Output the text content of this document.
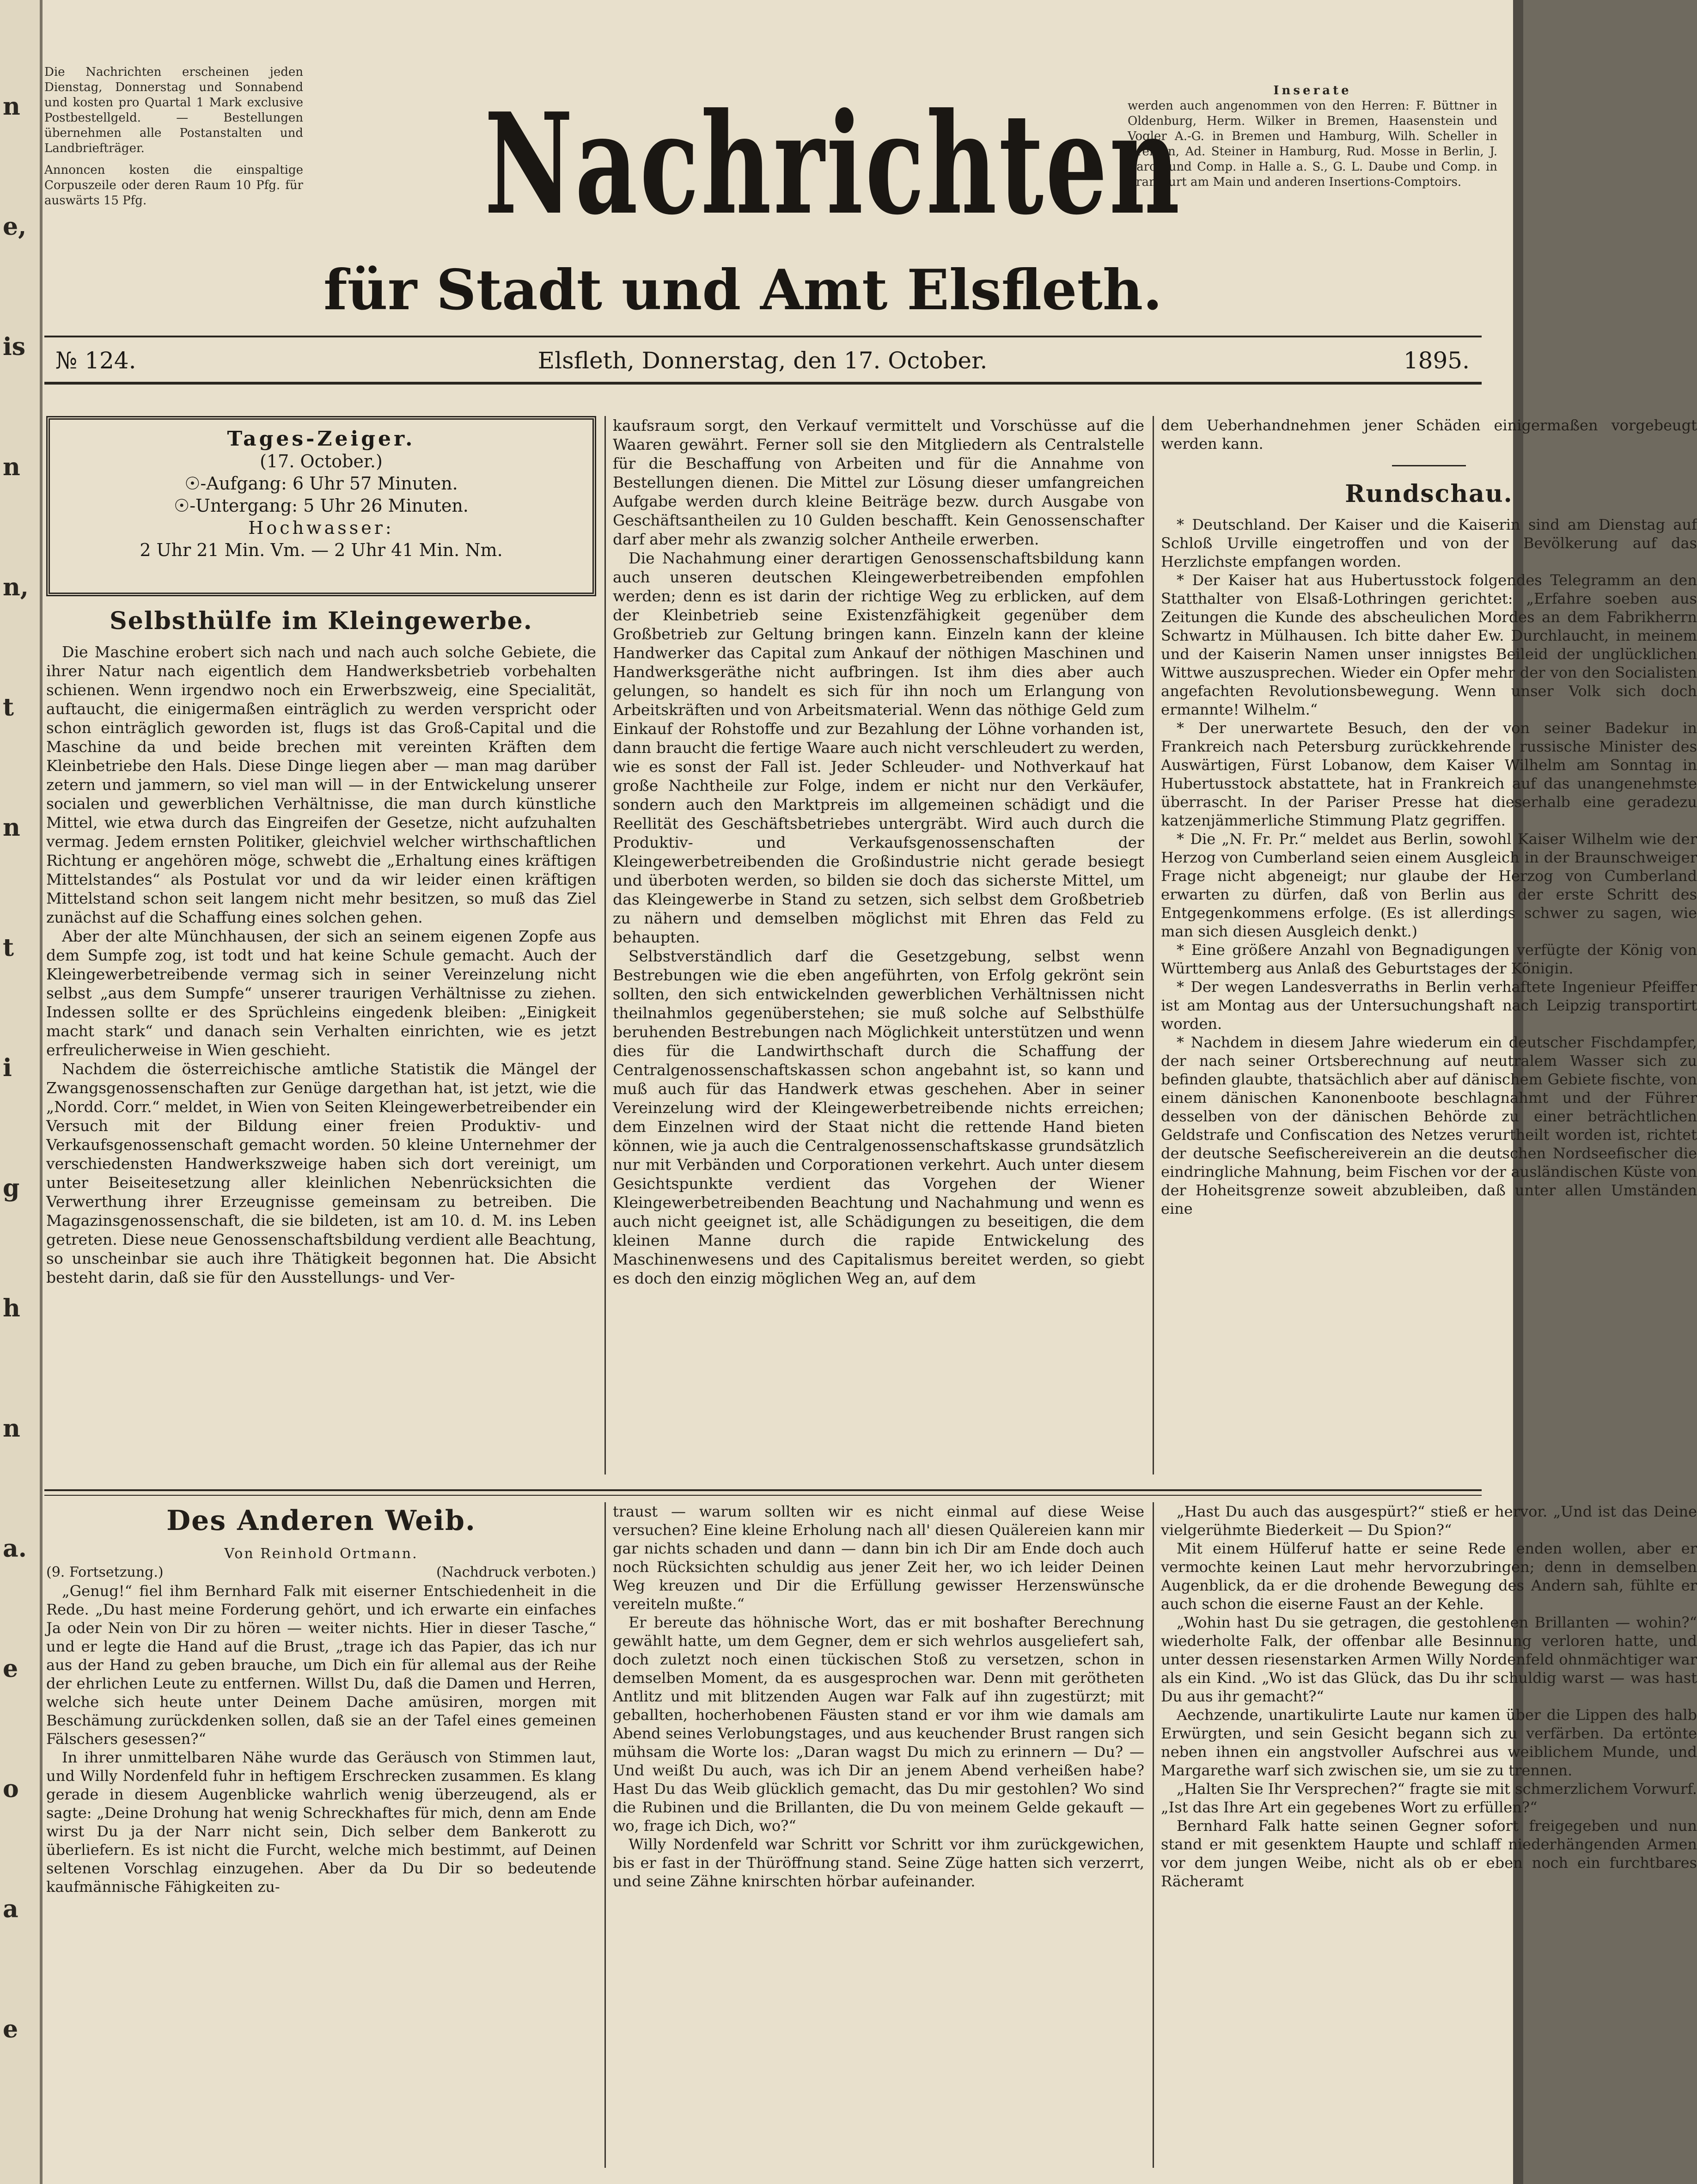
n
e,
is
n
n,
t
n
t
i
g
h
n
a.
e
o
a
e
Die Nachrichten erscheinen jeden Dienstag, Donnerstag und Sonnabend und kosten pro Quartal 1 Mark exclusive Postbestellgeld. — Bestellungen übernehmen alle Postanstalten und Landbriefträger.
Annoncen kosten die einspaltige Corpuszeile oder deren Raum 10 Pfg. für auswärts 15 Pfg.
Inserate
werden auch angenommen von den Herren: F. Büttner in Oldenburg, Herm. Wilker in Bremen, Haasenstein und Vogler A.-G. in Bremen und Hamburg, Wilh. Scheller in Bremen, Ad. Steiner in Hamburg, Rud. Mosse in Berlin, J. Barck und Comp. in Halle a. S., G. L. Daube und Comp. in Frankfurt am Main und anderen Insertions-Comptoirs.
Nachrichten
für Stadt und Amt Elsfleth.
№ 124.	Elsfleth, Donnerstag, den 17. October.	1895.
Tages-Zeiger.
(17. October.)
☉-Aufgang: 6 Uhr 57 Minuten.
☉-Untergang: 5 Uhr 26 Minuten.
Hochwasser:
2 Uhr 21 Min. Vm. — 2 Uhr 41 Min. Nm.
Selbsthülfe im Kleingewerbe.

Die Maschine erobert sich nach und nach auch solche Gebiete, die ihrer Natur nach eigentlich dem Handwerksbetrieb vorbehalten schienen. Wenn irgendwo noch ein Erwerbszweig, eine Specialität, auftaucht, die einigermaßen einträglich zu werden verspricht oder schon einträglich geworden ist, flugs ist das Groß-Capital und die Maschine da und beide brechen mit vereinten Kräften dem Kleinbetriebe den Hals. Diese Dinge liegen aber — man mag darüber zetern und jammern, so viel man will — in der Entwickelung unserer socialen und gewerblichen Verhältnisse, die man durch künstliche Mittel, wie etwa durch das Eingreifen der Gesetze, nicht aufzuhalten vermag. Jedem ernsten Politiker, gleichviel welcher wirthschaftlichen Richtung er angehören möge, schwebt die „Erhaltung eines kräftigen Mittelstandes“ als Postulat vor und da wir leider einen kräftigen Mittelstand schon seit langem nicht mehr besitzen, so muß das Ziel zunächst auf die Schaffung eines solchen gehen.

Aber der alte Münchhausen, der sich an seinem eigenen Zopfe aus dem Sumpfe zog, ist todt und hat keine Schule gemacht. Auch der Kleingewerbetreibende vermag sich in seiner Vereinzelung nicht selbst „aus dem Sumpfe“ unserer traurigen Verhältnisse zu ziehen. Indessen sollte er des Sprüchleins eingedenk bleiben: „Einigkeit macht stark“ und danach sein Verhalten einrichten, wie es jetzt erfreulicherweise in Wien geschieht.

Nachdem die österreichische amtliche Statistik die Mängel der Zwangsgenossenschaften zur Genüge dargethan hat, ist jetzt, wie die „Nordd. Corr.“ meldet, in Wien von Seiten Kleingewerbetreibender ein Versuch mit der Bildung einer freien Produktiv- und Verkaufsgenossenschaft gemacht worden. 50 kleine Unternehmer der verschiedensten Handwerkszweige haben sich dort vereinigt, um unter Beiseitesetzung aller kleinlichen Nebenrücksichten die Verwerthung ihrer Erzeugnisse gemeinsam zu betreiben. Die Magazinsgenossenschaft, die sie bildeten, ist am 10. d. M. ins Leben getreten. Diese neue Genossenschaftsbildung verdient alle Beachtung, so unscheinbar sie auch ihre Thätigkeit begonnen hat. Die Absicht besteht darin, daß sie für den Ausstellungs- und Ver-

kaufsraum sorgt, den Verkauf vermittelt und Vorschüsse auf die Waaren gewährt. Ferner soll sie den Mitgliedern als Centralstelle für die Beschaffung von Arbeiten und für die Annahme von Bestellungen dienen. Die Mittel zur Lösung dieser umfangreichen Aufgabe werden durch kleine Beiträge bezw. durch Ausgabe von Geschäftsantheilen zu 10 Gulden beschafft. Kein Genossenschafter darf aber mehr als zwanzig solcher Antheile erwerben.

Die Nachahmung einer derartigen Genossenschaftsbildung kann auch unseren deutschen Kleingewerbetreibenden empfohlen werden; denn es ist darin der richtige Weg zu erblicken, auf dem der Kleinbetrieb seine Existenzfähigkeit gegenüber dem Großbetrieb zur Geltung bringen kann. Einzeln kann der kleine Handwerker das Capital zum Ankauf der nöthigen Maschinen und Handwerksgeräthe nicht aufbringen. Ist ihm dies aber auch gelungen, so handelt es sich für ihn noch um Erlangung von Arbeitskräften und von Arbeitsmaterial. Wenn das nöthige Geld zum Einkauf der Rohstoffe und zur Bezahlung der Löhne vorhanden ist, dann braucht die fertige Waare auch nicht verschleudert zu werden, wie es sonst der Fall ist. Jeder Schleuder- und Nothverkauf hat große Nachtheile zur Folge, indem er nicht nur den Verkäufer, sondern auch den Marktpreis im allgemeinen schädigt und die Reellität des Geschäftsbetriebes untergräbt. Wird auch durch die Produktiv- und Verkaufsgenossenschaften der Kleingewerbetreibenden die Großindustrie nicht gerade besiegt und überboten werden, so bilden sie doch das sicherste Mittel, um das Kleingewerbe in Stand zu setzen, sich selbst dem Großbetrieb zu nähern und demselben möglichst mit Ehren das Feld zu behaupten.

Selbstverständlich darf die Gesetzgebung, selbst wenn Bestrebungen wie die eben angeführten, von Erfolg gekrönt sein sollten, den sich entwickelnden gewerblichen Verhältnissen nicht theilnahmlos gegenüberstehen; sie muß solche auf Selbsthülfe beruhenden Bestrebungen nach Möglichkeit unterstützen und wenn dies für die Landwirthschaft durch die Schaffung der Centralgenossenschaftskassen schon angebahnt ist, so kann und muß auch für das Handwerk etwas geschehen. Aber in seiner Vereinzelung wird der Kleingewerbetreibende nichts erreichen; dem Einzelnen wird der Staat nicht die rettende Hand bieten können, wie ja auch die Centralgenossenschaftskasse grundsätzlich nur mit Verbänden und Corporationen verkehrt. Auch unter diesem Gesichtspunkte verdient das Vorgehen der Wiener Kleingewerbetreibenden Beachtung und Nachahmung und wenn es auch nicht geeignet ist, alle Schädigungen zu beseitigen, die dem kleinen Manne durch die rapide Entwickelung des Maschinenwesens und des Capitalismus bereitet werden, so giebt es doch den einzig möglichen Weg an, auf dem

dem Ueberhandnehmen jener Schäden einigermaßen vorgebeugt werden kann.

Rundschau.

* Deutschland. Der Kaiser und die Kaiserin sind am Dienstag auf Schloß Urville eingetroffen und von der Bevölkerung auf das Herzlichste empfangen worden.

* Der Kaiser hat aus Hubertusstock folgendes Telegramm an den Statthalter von Elsaß-Lothringen gerichtet: „Erfahre soeben aus Zeitungen die Kunde des abscheulichen Mordes an dem Fabrikherrn Schwartz in Mülhausen. Ich bitte daher Ew. Durchlaucht, in meinem und der Kaiserin Namen unser innigstes Beileid der unglücklichen Wittwe auszusprechen. Wieder ein Opfer mehr der von den Socialisten angefachten Revolutionsbewegung. Wenn unser Volk sich doch ermannte! Wilhelm.“

* Der unerwartete Besuch, den der von seiner Badekur in Frankreich nach Petersburg zurückkehrende russische Minister des Auswärtigen, Fürst Lobanow, dem Kaiser Wilhelm am Sonntag in Hubertusstock abstattete, hat in Frankreich auf das unangenehmste überrascht. In der Pariser Presse hat dieserhalb eine geradezu katzenjämmerliche Stimmung Platz gegriffen.

* Die „N. Fr. Pr.“ meldet aus Berlin, sowohl Kaiser Wilhelm wie der Herzog von Cumberland seien einem Ausgleich in der Braunschweiger Frage nicht abgeneigt; nur glaube der Herzog von Cumberland erwarten zu dürfen, daß von Berlin aus der erste Schritt des Entgegenkommens erfolge. (Es ist allerdings schwer zu sagen, wie man sich diesen Ausgleich denkt.)

* Eine größere Anzahl von Begnadigungen verfügte der König von Württemberg aus Anlaß des Geburtstages der Königin.

* Der wegen Landesverraths in Berlin verhaftete Ingenieur Pfeiffer ist am Montag aus der Untersuchungshaft nach Leipzig transportirt worden.

* Nachdem in diesem Jahre wiederum ein deutscher Fischdampfer, der nach seiner Ortsberechnung auf neutralem Wasser sich zu befinden glaubte, thatsächlich aber auf dänischem Gebiete fischte, von einem dänischen Kanonenboote beschlagnahmt und der Führer desselben von der dänischen Behörde zu einer beträchtlichen Geldstrafe und Confiscation des Netzes verurtheilt worden ist, richtet der deutsche Seefischereiverein an die deutschen Nordseefischer die eindringliche Mahnung, beim Fischen vor der ausländischen Küste von der Hoheitsgrenze soweit abzubleiben, daß unter allen Umständen eine

Des Anderen Weib.
Von Reinhold Ortmann.
(9. Fortsetzung.)	(Nachdruck verboten.)

„Genug!“ fiel ihm Bernhard Falk mit eiserner Entschiedenheit in die Rede. „Du hast meine Forderung gehört, und ich erwarte ein einfaches Ja oder Nein von Dir zu hören — weiter nichts. Hier in dieser Tasche,“ und er legte die Hand auf die Brust, „trage ich das Papier, das ich nur aus der Hand zu geben brauche, um Dich ein für allemal aus der Reihe der ehrlichen Leute zu entfernen. Willst Du, daß die Damen und Herren, welche sich heute unter Deinem Dache amüsiren, morgen mit Beschämung zurückdenken sollen, daß sie an der Tafel eines gemeinen Fälschers gesessen?“

In ihrer unmittelbaren Nähe wurde das Geräusch von Stimmen laut, und Willy Nordenfeld fuhr in heftigem Erschrecken zusammen. Es klang gerade in diesem Augenblicke wahrlich wenig überzeugend, als er sagte: „Deine Drohung hat wenig Schreckhaftes für mich, denn am Ende wirst Du ja der Narr nicht sein, Dich selber dem Bankerott zu überliefern. Es ist nicht die Furcht, welche mich bestimmt, auf Deinen seltenen Vorschlag einzugehen. Aber da Du Dir so bedeutende kaufmännische Fähigkeiten zu-

traust — warum sollten wir es nicht einmal auf diese Weise versuchen? Eine kleine Erholung nach all' diesen Quälereien kann mir gar nichts schaden und dann — dann bin ich Dir am Ende doch auch noch Rücksichten schuldig aus jener Zeit her, wo ich leider Deinen Weg kreuzen und Dir die Erfüllung gewisser Herzenswünsche vereiteln mußte.“

Er bereute das höhnische Wort, das er mit boshafter Berechnung gewählt hatte, um dem Gegner, dem er sich wehrlos ausgeliefert sah, doch zuletzt noch einen tückischen Stoß zu versetzen, schon in demselben Moment, da es ausgesprochen war. Denn mit gerötheten Antlitz und mit blitzenden Augen war Falk auf ihn zugestürzt; mit geballten, hocherhobenen Fäusten stand er vor ihm wie damals am Abend seines Verlobungstages, und aus keuchender Brust rangen sich mühsam die Worte los: „Daran wagst Du mich zu erinnern — Du? — Und weißt Du auch, was ich Dir an jenem Abend verheißen habe? Hast Du das Weib glücklich gemacht, das Du mir gestohlen? Wo sind die Rubinen und die Brillanten, die Du von meinem Gelde gekauft — wo, frage ich Dich, wo?“

Willy Nordenfeld war Schritt vor Schritt vor ihm zurückgewichen, bis er fast in der Thüröffnung stand. Seine Züge hatten sich verzerrt, und seine Zähne knirschten hörbar aufeinander.

„Hast Du auch das ausgespürt?“ stieß er hervor. „Und ist das Deine vielgerühmte Biederkeit — Du Spion?“

Mit einem Hülferuf hatte er seine Rede enden wollen, aber er vermochte keinen Laut mehr hervorzubringen; denn in demselben Augenblick, da er die drohende Bewegung des Andern sah, fühlte er auch schon die eiserne Faust an der Kehle.

„Wohin hast Du sie getragen, die gestohlenen Brillanten — wohin?“ wiederholte Falk, der offenbar alle Besinnung verloren hatte, und unter dessen riesenstarken Armen Willy Nordenfeld ohnmächtiger war als ein Kind. „Wo ist das Glück, das Du ihr schuldig warst — was hast Du aus ihr gemacht?“

Aechzende, unartikulirte Laute nur kamen über die Lippen des halb Erwürgten, und sein Gesicht begann sich zu verfärben. Da ertönte neben ihnen ein angstvoller Aufschrei aus weiblichem Munde, und Margarethe warf sich zwischen sie, um sie zu trennen.

„Halten Sie Ihr Versprechen?“ fragte sie mit schmerzlichem Vorwurf. „Ist das Ihre Art ein gegebenes Wort zu erfüllen?“

Bernhard Falk hatte seinen Gegner sofort freigegeben und nun stand er mit gesenktem Haupte und schlaff niederhängenden Armen vor dem jungen Weibe, nicht als ob er eben noch ein furchtbares Rächeramt
